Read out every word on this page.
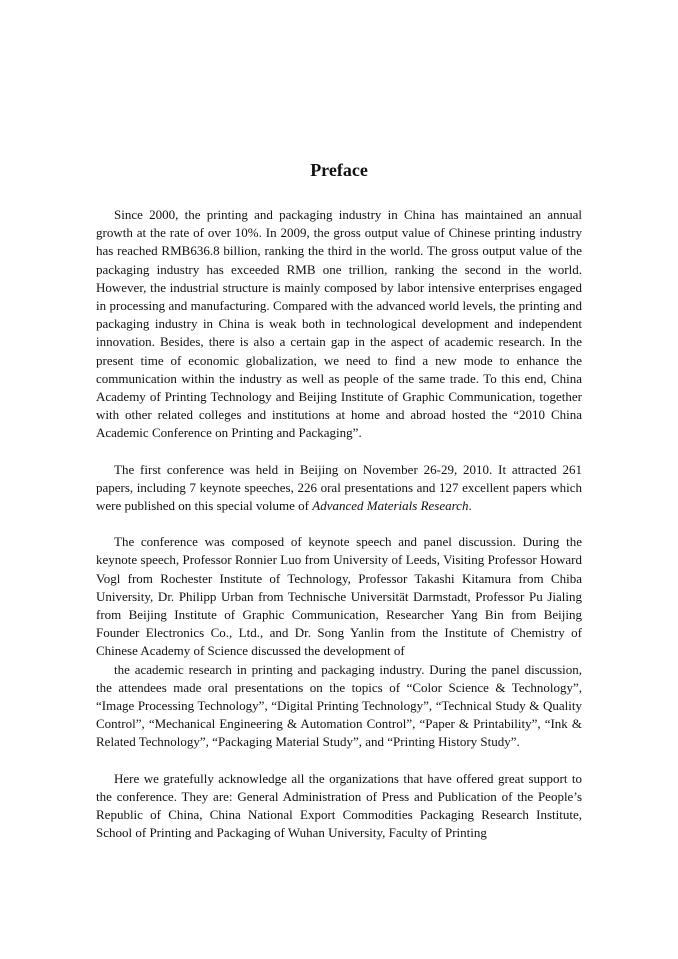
Preface

Since 2000, the printing and packaging industry in China has maintained an annual growth at the rate of over 10%. In 2009, the gross output value of Chinese printing industry has reached RMB636.8 billion, ranking the third in the world. The gross output value of the packaging industry has exceeded RMB one trillion, ranking the second in the world. However, the industrial structure is mainly composed by labor intensive enterprises engaged in processing and manufacturing. Compared with the advanced world levels, the printing and packaging industry in China is weak both in technological development and independent innovation. Besides, there is also a certain gap in the aspect of academic research. In the present time of economic globalization, we need to find a new mode to enhance the communication within the industry as well as people of the same trade. To this end, China Academy of Printing Technology and Beijing Institute of Graphic Communication, together with other related colleges and institutions at home and abroad hosted the “2010 China Academic Conference on Printing and Packaging”.

The first conference was held in Beijing on November 26-29, 2010. It attracted 261 papers, including 7 keynote speeches, 226 oral presentations and 127 excellent papers which were published on this special volume of Advanced Materials Research.

The conference was composed of keynote speech and panel discussion. During the keynote speech, Professor Ronnier Luo from University of Leeds, Visiting Professor Howard Vogl from Rochester Institute of Technology, Professor Takashi Kitamura from Chiba University, Dr. Philipp Urban from Technische Universität Darmstadt, Professor Pu Jialing from Beijing Institute of Graphic Communication, Researcher Yang Bin from Beijing Founder Electronics Co., Ltd., and Dr. Song Yanlin from the Institute of Chemistry of Chinese Academy of Science discussed the development of

the academic research in printing and packaging industry. During the panel discussion, the attendees made oral presentations on the topics of “Color Science & Technology”, “Image Processing Technology”, “Digital Printing Technology”, “Technical Study & Quality Control”, “Mechanical Engineering & Automation Control”, “Paper & Printability”, “Ink & Related Technology”, “Packaging Material Study”, and “Printing History Study”.

Here we gratefully acknowledge all the organizations that have offered great support to the conference. They are: General Administration of Press and Publication of the People’s Republic of China, China National Export Commodities Packaging Research Institute, School of Printing and Packaging of Wuhan University, Faculty of Printing
